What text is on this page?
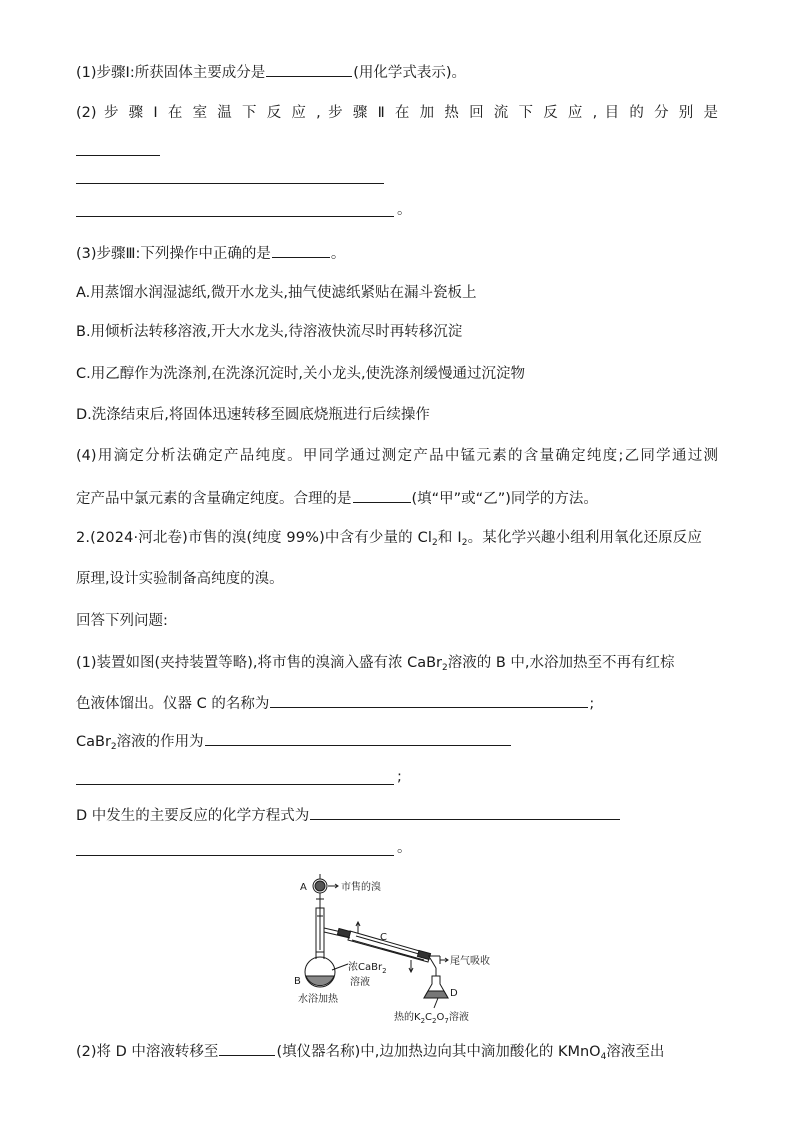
(1)步骤Ⅰ:所获固体主要成分是	(用化学式表示)。
(2) 步 骤 Ⅰ 在 室 温 下 反 应 , 步 骤 Ⅱ 在 加 热 回 流 下 反 应 , 目 的 分 别 是
。
(3)步骤Ⅲ:下列操作中正确的是	。
A.用蒸馏水润湿滤纸,微开水龙头,抽气使滤纸紧贴在漏斗瓷板上
B.用倾析法转移溶液,开大水龙头,待溶液快流尽时再转移沉淀
C.用乙醇作为洗涤剂,在洗涤沉淀时,关小龙头,使洗涤剂缓慢通过沉淀物
D.洗涤结束后,将固体迅速转移至圆底烧瓶进行后续操作
(4)用滴定分析法确定产品纯度。甲同学通过测定产品中锰元素的含量确定纯度;乙同学通过测
定产品中氯元素的含量确定纯度。合理的是	(填“甲”或“乙”)同学的方法。
2.(2024·河北卷)市售的溴(纯度 99%)中含有少量的 $Cl_2$和 $I_2$。某化学兴趣小组利用氧化还原反应
原理,设计实验制备高纯度的溴。
回答下列问题:
(1)装置如图(夹持装置等略),将市售的溴滴入盛有浓 CaBr$_2$溶液的 B 中,水浴加热至不再有红棕
色液体馏出。仪器 C 的名称为	;
CaBr$_2$溶液的作用为
;
D 中发生的主要反应的化学方程式为
。
A	市售的溴
C
B
浓CaBr$_2$
溶液
尾气吸收
D
水浴加热
热的$K_2C_2O_7$溶液
(2)将 D 中溶液转移至	(填仪器名称)中,边加热边向其中滴加酸化的 KMnO$_4$溶液至出
